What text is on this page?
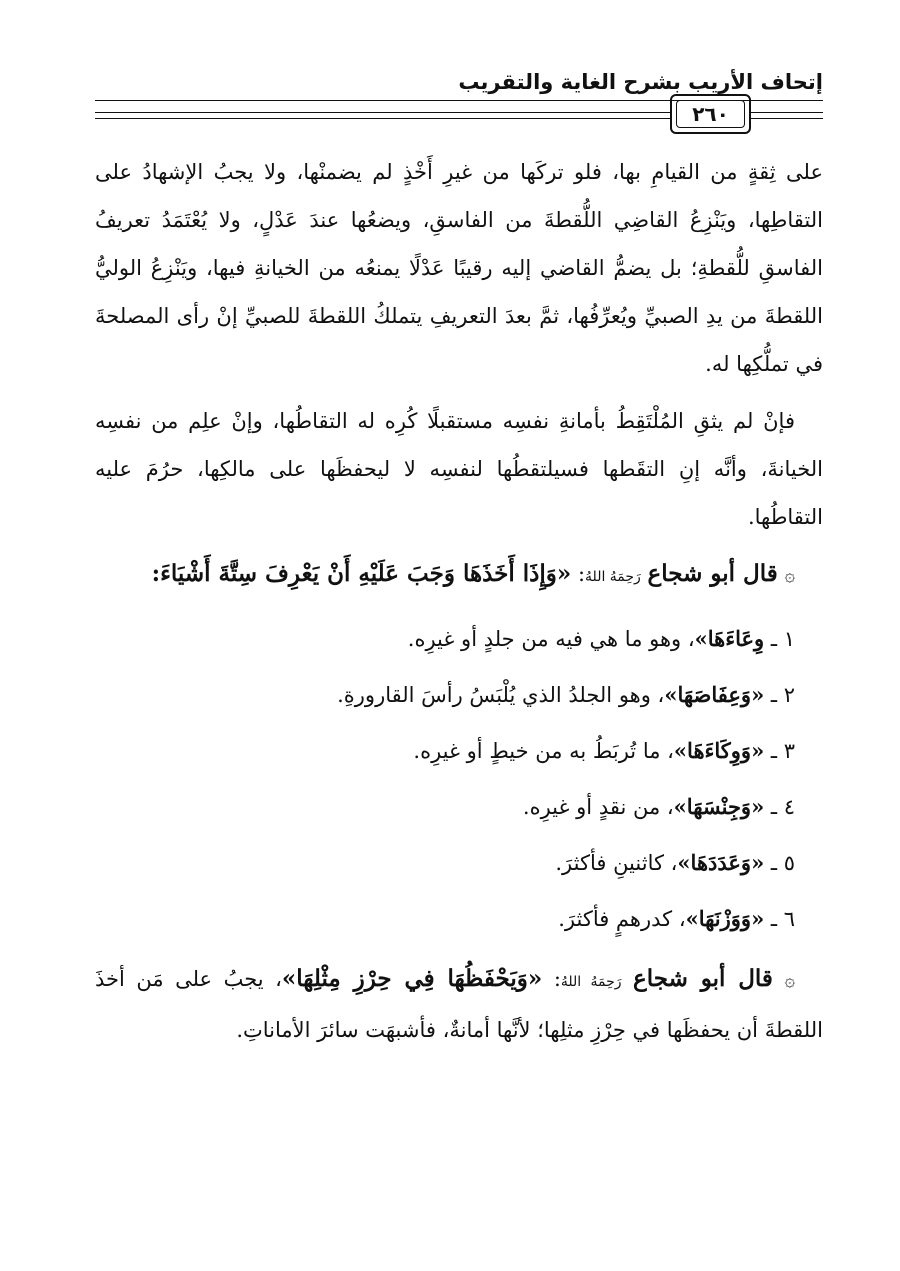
إتحاف الأريب بشرح الغاية والتقريب
٢٦٠

على ثِقةٍ من القيامِ بها، فلو تركَها من غيرِ أَخْذٍ لم يضمنْها، ولا يجبُ الإشهادُ على التقاطِها، ويَنْزِعُ القاضِي اللُّقطةَ من الفاسقِ، ويضعُها عندَ عَدْلٍ، ولا يُعْتَمَدُ تعريفُ الفاسقِ للُّقطةِ؛ بل يضمُّ القاضي إليه رقيبًا عَدْلًا يمنعُه من الخيانةِ فيها، ويَنْزِعُ الوليُّ اللقطةَ من يدِ الصبيِّ ويُعرِّفُها، ثمَّ بعدَ التعريفِ يتملكُ اللقطةَ للصبيِّ إنْ رأى المصلحةَ في تملُّكِها له.

فإنْ لم يثقِ المُلْتَقِطُ بأمانةِ نفسِه مستقبلًا كُرِه له التقاطُها، وإنْ علِم من نفسِه الخيانةَ، وأنَّه إنِ التقَطها فسيلتقطُها لنفسِه لا ليحفظَها على مالكِها، حرُمَ عليه التقاطُها.

۞ قال أبو شجاع رَحِمَهُ اللهُ: «وَإِذَا أَخَذَهَا وَجَبَ عَلَيْهِ أَنْ يَعْرِفَ سِتَّةَ أَشْيَاءَ:

١ ـ وِعَاءَهَا»، وهو ما هي فيه من جلدٍ أو غيرِه.
٢ ـ «وَعِفَاصَهَا»، وهو الجلدُ الذي يُلْبَسُ رأسَ القارورةِ.
٣ ـ «وَوِكَاءَهَا»، ما تُربَطُ به من خيطٍ أو غيرِه.
٤ ـ «وَجِنْسَهَا»، من نقدٍ أو غيرِه.
٥ ـ «وَعَدَدَهَا»، كاثنينِ فأكثرَ.
٦ ـ «وَوَزْنَهَا»، كدرهمٍ فأكثرَ.

۞ قال أبو شجاع رَحِمَهُ اللهُ: «وَيَحْفَظُهَا فِي حِرْزِ مِثْلِهَا»، يجبُ على مَن أخذَ اللقطةَ أن يحفظَها في حِرْزِ مثلِها؛ لأنَّها أمانةٌ، فأشبهَت سائرَ الأماناتِ.
